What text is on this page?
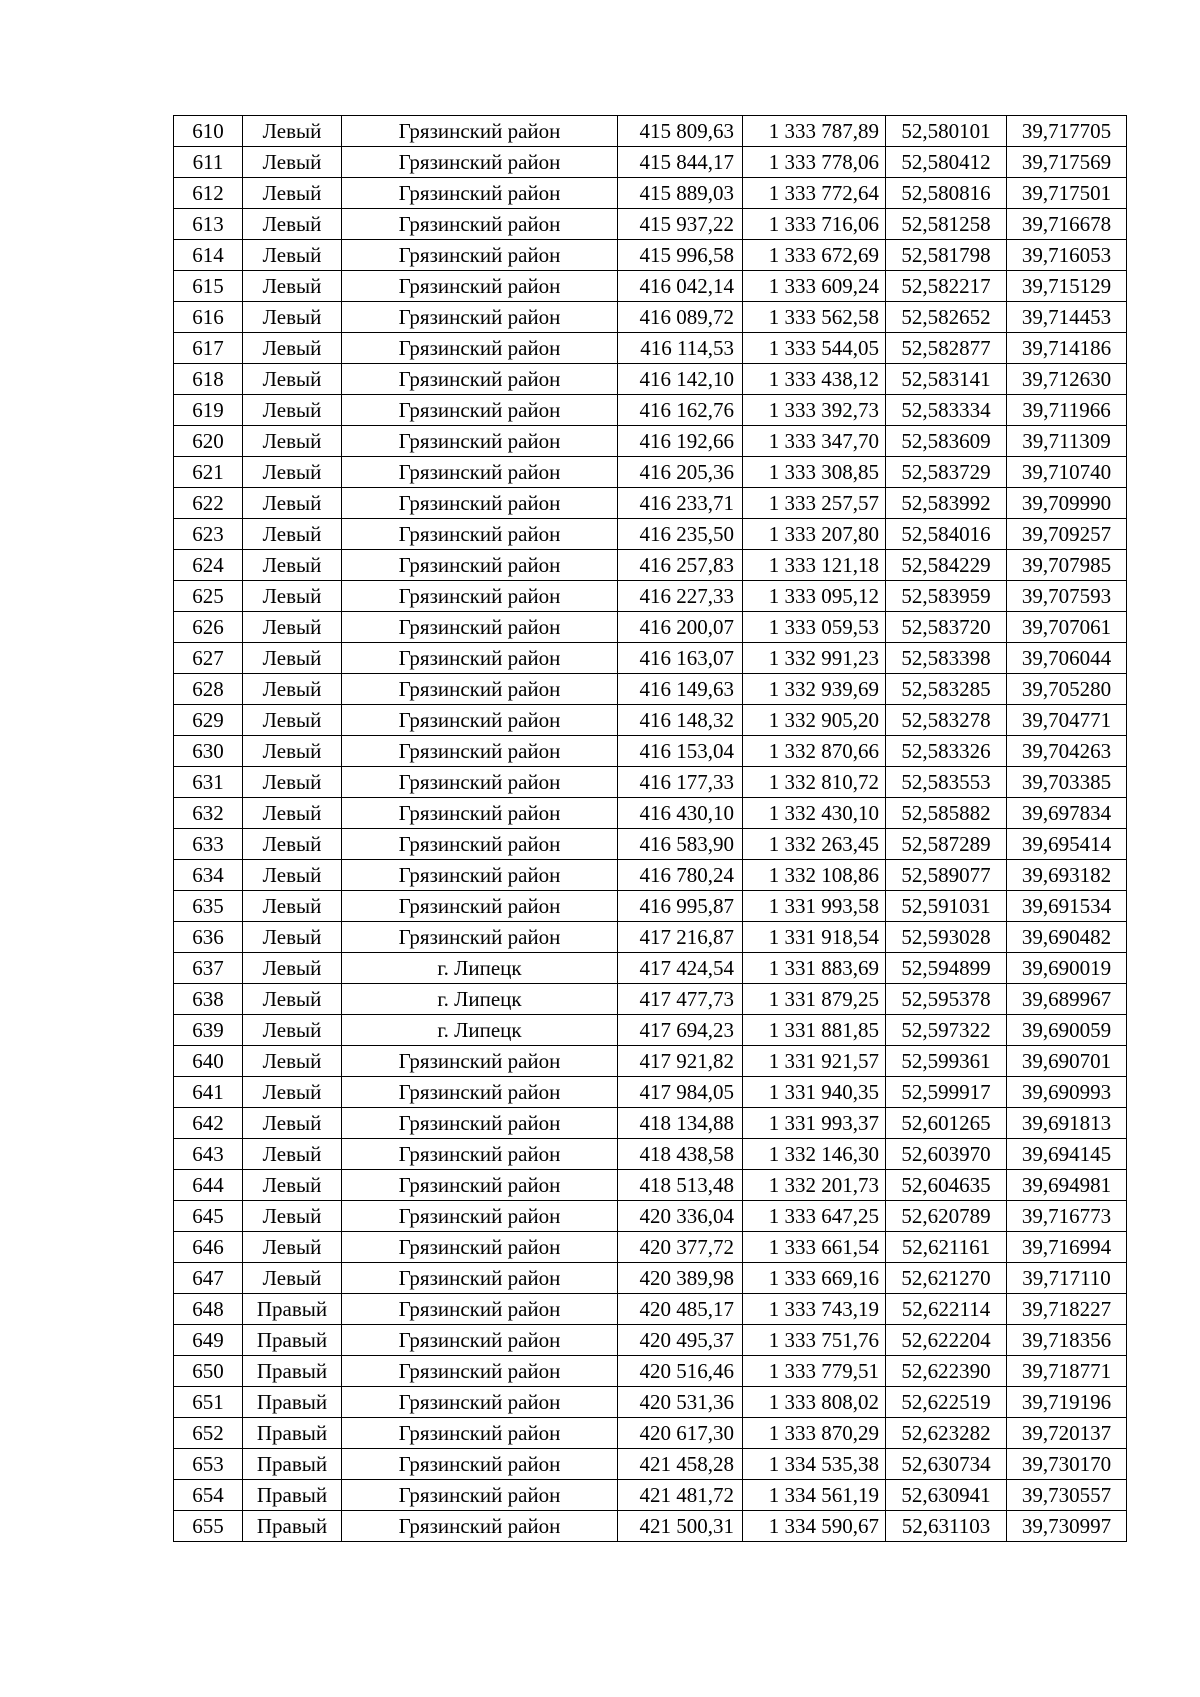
610	Левый	Грязинский район	415 809,63	1 333 787,89	52,580101	39,717705
611	Левый	Грязинский район	415 844,17	1 333 778,06	52,580412	39,717569
612	Левый	Грязинский район	415 889,03	1 333 772,64	52,580816	39,717501
613	Левый	Грязинский район	415 937,22	1 333 716,06	52,581258	39,716678
614	Левый	Грязинский район	415 996,58	1 333 672,69	52,581798	39,716053
615	Левый	Грязинский район	416 042,14	1 333 609,24	52,582217	39,715129
616	Левый	Грязинский район	416 089,72	1 333 562,58	52,582652	39,714453
617	Левый	Грязинский район	416 114,53	1 333 544,05	52,582877	39,714186
618	Левый	Грязинский район	416 142,10	1 333 438,12	52,583141	39,712630
619	Левый	Грязинский район	416 162,76	1 333 392,73	52,583334	39,711966
620	Левый	Грязинский район	416 192,66	1 333 347,70	52,583609	39,711309
621	Левый	Грязинский район	416 205,36	1 333 308,85	52,583729	39,710740
622	Левый	Грязинский район	416 233,71	1 333 257,57	52,583992	39,709990
623	Левый	Грязинский район	416 235,50	1 333 207,80	52,584016	39,709257
624	Левый	Грязинский район	416 257,83	1 333 121,18	52,584229	39,707985
625	Левый	Грязинский район	416 227,33	1 333 095,12	52,583959	39,707593
626	Левый	Грязинский район	416 200,07	1 333 059,53	52,583720	39,707061
627	Левый	Грязинский район	416 163,07	1 332 991,23	52,583398	39,706044
628	Левый	Грязинский район	416 149,63	1 332 939,69	52,583285	39,705280
629	Левый	Грязинский район	416 148,32	1 332 905,20	52,583278	39,704771
630	Левый	Грязинский район	416 153,04	1 332 870,66	52,583326	39,704263
631	Левый	Грязинский район	416 177,33	1 332 810,72	52,583553	39,703385
632	Левый	Грязинский район	416 430,10	1 332 430,10	52,585882	39,697834
633	Левый	Грязинский район	416 583,90	1 332 263,45	52,587289	39,695414
634	Левый	Грязинский район	416 780,24	1 332 108,86	52,589077	39,693182
635	Левый	Грязинский район	416 995,87	1 331 993,58	52,591031	39,691534
636	Левый	Грязинский район	417 216,87	1 331 918,54	52,593028	39,690482
637	Левый	г. Липецк	417 424,54	1 331 883,69	52,594899	39,690019
638	Левый	г. Липецк	417 477,73	1 331 879,25	52,595378	39,689967
639	Левый	г. Липецк	417 694,23	1 331 881,85	52,597322	39,690059
640	Левый	Грязинский район	417 921,82	1 331 921,57	52,599361	39,690701
641	Левый	Грязинский район	417 984,05	1 331 940,35	52,599917	39,690993
642	Левый	Грязинский район	418 134,88	1 331 993,37	52,601265	39,691813
643	Левый	Грязинский район	418 438,58	1 332 146,30	52,603970	39,694145
644	Левый	Грязинский район	418 513,48	1 332 201,73	52,604635	39,694981
645	Левый	Грязинский район	420 336,04	1 333 647,25	52,620789	39,716773
646	Левый	Грязинский район	420 377,72	1 333 661,54	52,621161	39,716994
647	Левый	Грязинский район	420 389,98	1 333 669,16	52,621270	39,717110
648	Правый	Грязинский район	420 485,17	1 333 743,19	52,622114	39,718227
649	Правый	Грязинский район	420 495,37	1 333 751,76	52,622204	39,718356
650	Правый	Грязинский район	420 516,46	1 333 779,51	52,622390	39,718771
651	Правый	Грязинский район	420 531,36	1 333 808,02	52,622519	39,719196
652	Правый	Грязинский район	420 617,30	1 333 870,29	52,623282	39,720137
653	Правый	Грязинский район	421 458,28	1 334 535,38	52,630734	39,730170
654	Правый	Грязинский район	421 481,72	1 334 561,19	52,630941	39,730557
655	Правый	Грязинский район	421 500,31	1 334 590,67	52,631103	39,730997
